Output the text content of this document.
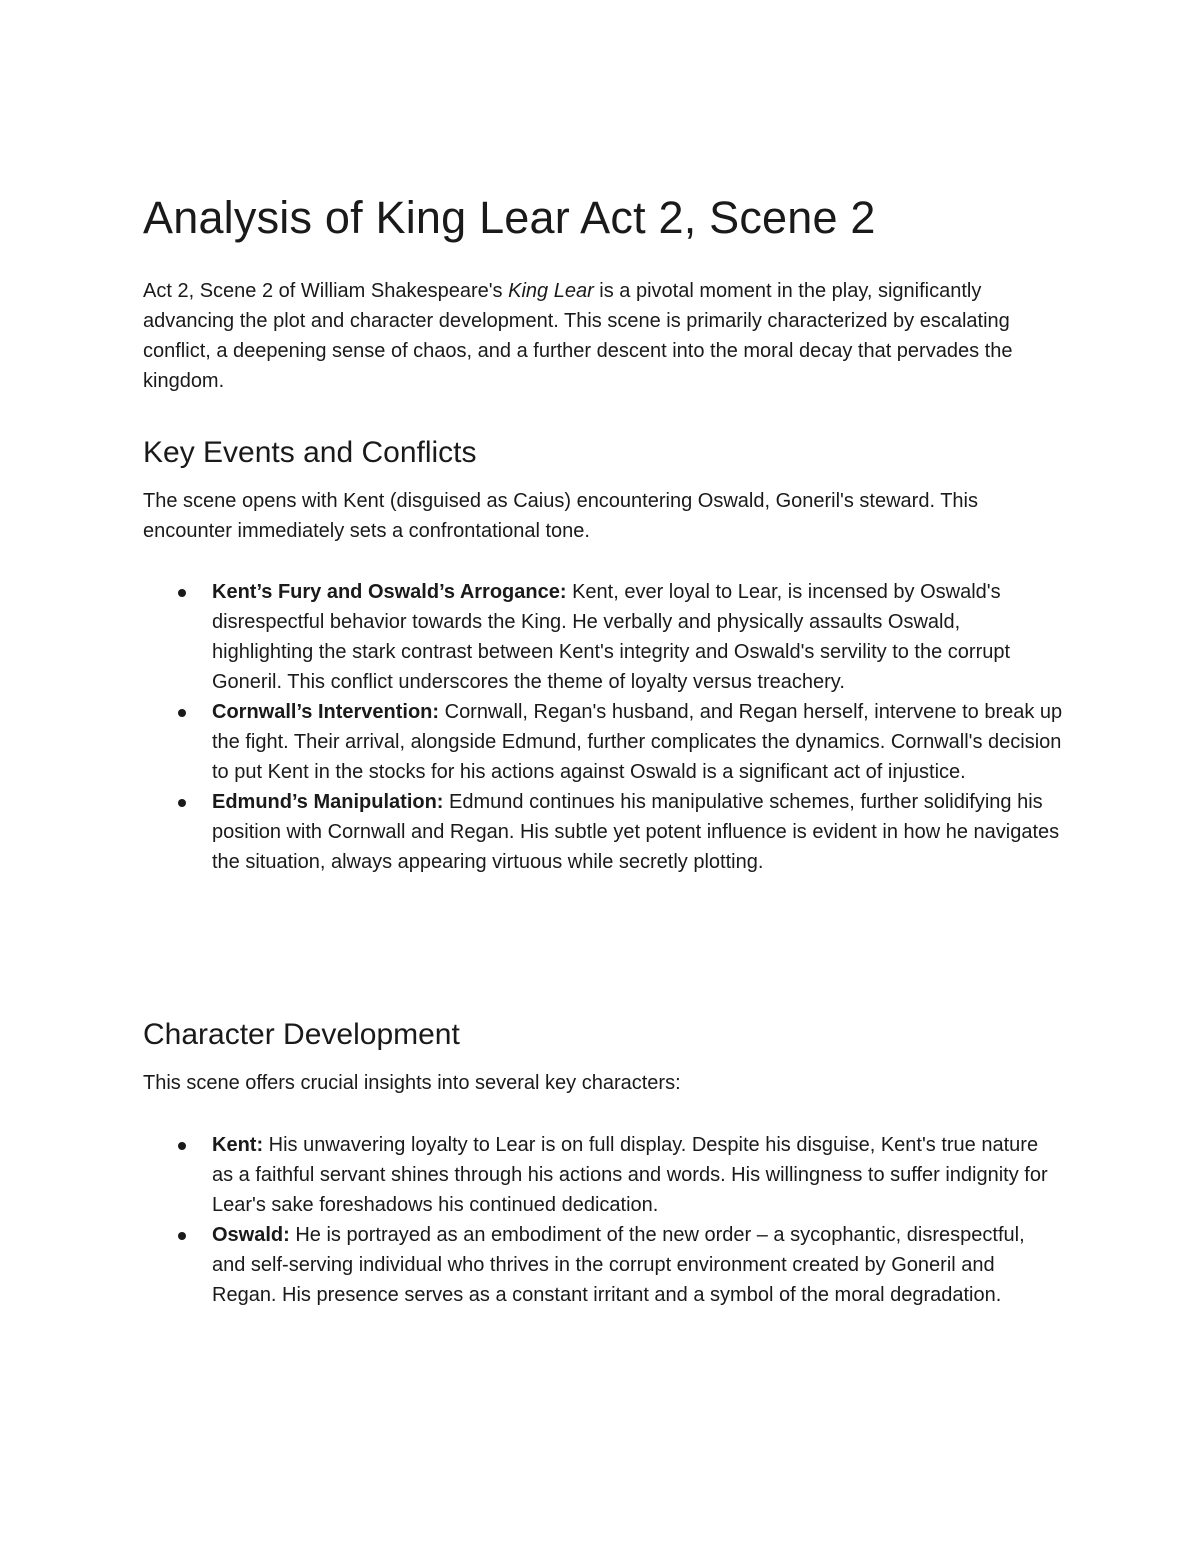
Analysis of King Lear Act 2, Scene 2

Act 2, Scene 2 of William Shakespeare's King Lear is a pivotal moment in the play, significantly advancing the plot and character development. This scene is primarily characterized by escalating conflict, a deepening sense of chaos, and a further descent into the moral decay that pervades the kingdom.

Key Events and Conflicts

The scene opens with Kent (disguised as Caius) encountering Oswald, Goneril's steward. This encounter immediately sets a confrontational tone.

Kent’s Fury and Oswald’s Arrogance: Kent, ever loyal to Lear, is incensed by Oswald's disrespectful behavior towards the King. He verbally and physically assaults Oswald, highlighting the stark contrast between Kent's integrity and Oswald's servility to the corrupt Goneril. This conflict underscores the theme of loyalty versus treachery.
Cornwall’s Intervention: Cornwall, Regan's husband, and Regan herself, intervene to break up the fight. Their arrival, alongside Edmund, further complicates the dynamics. Cornwall's decision to put Kent in the stocks for his actions against Oswald is a significant act of injustice.
Edmund’s Manipulation: Edmund continues his manipulative schemes, further solidifying his position with Cornwall and Regan. His subtle yet potent influence is evident in how he navigates the situation, always appearing virtuous while secretly plotting.
Character Development

This scene offers crucial insights into several key characters:

Kent: His unwavering loyalty to Lear is on full display. Despite his disguise, Kent's true nature as a faithful servant shines through his actions and words. His willingness to suffer indignity for Lear's sake foreshadows his continued dedication.
Oswald: He is portrayed as an embodiment of the new order – a sycophantic, disrespectful, and self-serving individual who thrives in the corrupt environment created by Goneril and Regan. His presence serves as a constant irritant and a symbol of the moral degradation.
